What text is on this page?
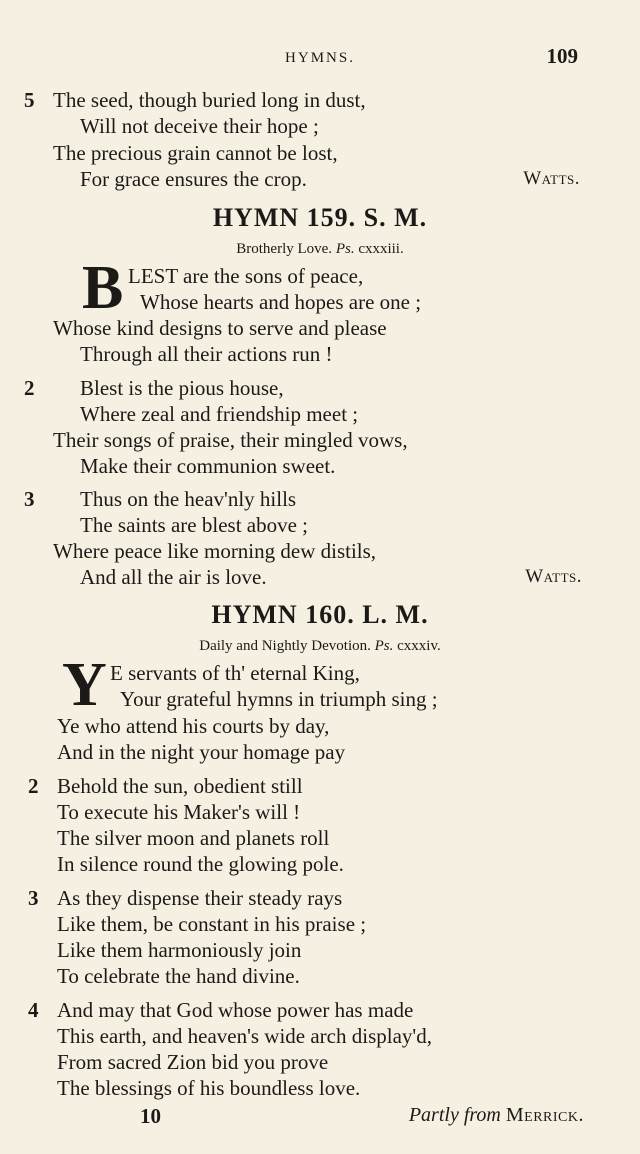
HYMNS.	109
5 The seed, though buried long in dust,
Will not deceive their hope ;
The precious grain cannot be lost,
For grace ensures the crop.	Watts.
HYMN 159. S. M.
Brotherly Love. Ps. cxxxiii.
B LEST are the sons of peace,
Whose hearts and hopes are one ;
Whose kind designs to serve and please
Through all their actions run !
2 Blest is the pious house,
Where zeal and friendship meet ;
Their songs of praise, their mingled vows,
Make their communion sweet.
3 Thus on the heav'nly hills
The saints are blest above ;
Where peace like morning dew distils,
And all the air is love.	Watts.
HYMN 160. L. M.
Daily and Nightly Devotion. Ps. cxxxiv.
Y E servants of th' eternal King,
Your grateful hymns in triumph sing ;
Ye who attend his courts by day,
And in the night your homage pay
2 Behold the sun, obedient still
To execute his Maker's will !
The silver moon and planets roll
In silence round the glowing pole.
3 As they dispense their steady rays
Like them, be constant in his praise ;
Like them harmoniously join
To celebrate the hand divine.
4 And may that God whose power has made
This earth, and heaven's wide arch display'd,
From sacred Zion bid you prove
The blessings of his boundless love.
10	Partly from Merrick.
